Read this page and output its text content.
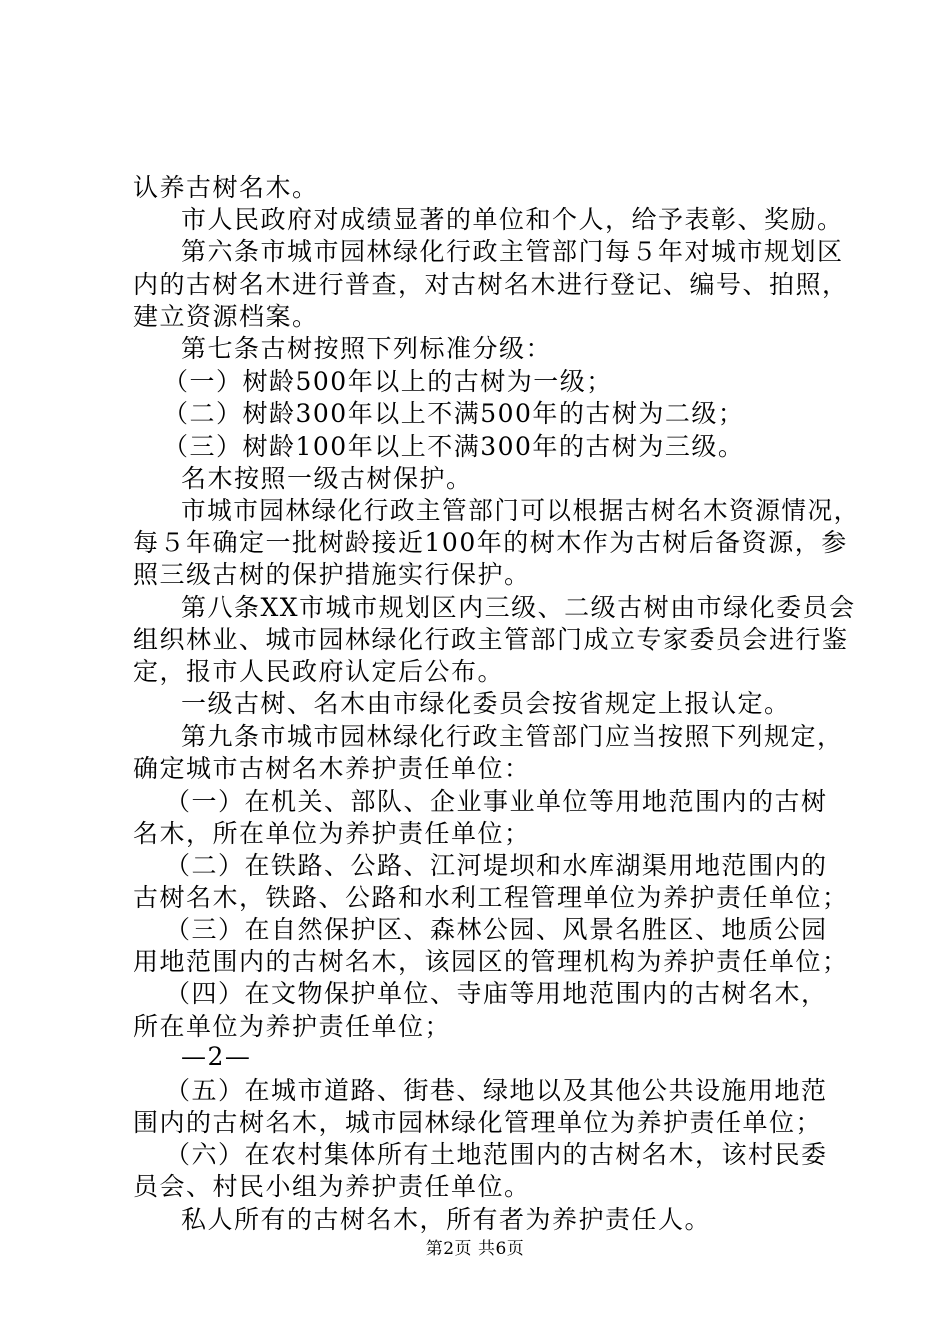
认养古树名木。
市人民政府对成绩显著的单位和个人，给予表彰、奖励。
第六条市城市园林绿化行政主管部门每５年对城市规划区
内的古树名木进行普查，对古树名木进行登记、编号、拍照，
建立资源档案。
第七条古树按照下列标准分级：
（一）树龄500年以上的古树为一级；
（二）树龄300年以上不满500年的古树为二级；
（三）树龄100年以上不满300年的古树为三级。
名木按照一级古树保护。
市城市园林绿化行政主管部门可以根据古树名木资源情况，
每５年确定一批树龄接近100年的树木作为古树后备资源，参
照三级古树的保护措施实行保护。
第八条XX市城市规划区内三级、二级古树由市绿化委员会
组织林业、城市园林绿化行政主管部门成立专家委员会进行鉴
定，报市人民政府认定后公布。
一级古树、名木由市绿化委员会按省规定上报认定。
第九条市城市园林绿化行政主管部门应当按照下列规定，
确定城市古树名木养护责任单位：
（一）在机关、部队、企业事业单位等用地范围内的古树
名木，所在单位为养护责任单位；
（二）在铁路、公路、江河堤坝和水库湖渠用地范围内的
古树名木，铁路、公路和水利工程管理单位为养护责任单位；
（三）在自然保护区、森林公园、风景名胜区、地质公园
用地范围内的古树名木，该园区的管理机构为养护责任单位；
（四）在文物保护单位、寺庙等用地范围内的古树名木，
所在单位为养护责任单位；
—2—
（五）在城市道路、街巷、绿地以及其他公共设施用地范
围内的古树名木，城市园林绿化管理单位为养护责任单位；
（六）在农村集体所有土地范围内的古树名木，该村民委
员会、村民小组为养护责任单位。
私人所有的古树名木，所有者为养护责任人。
第2页 共6页
